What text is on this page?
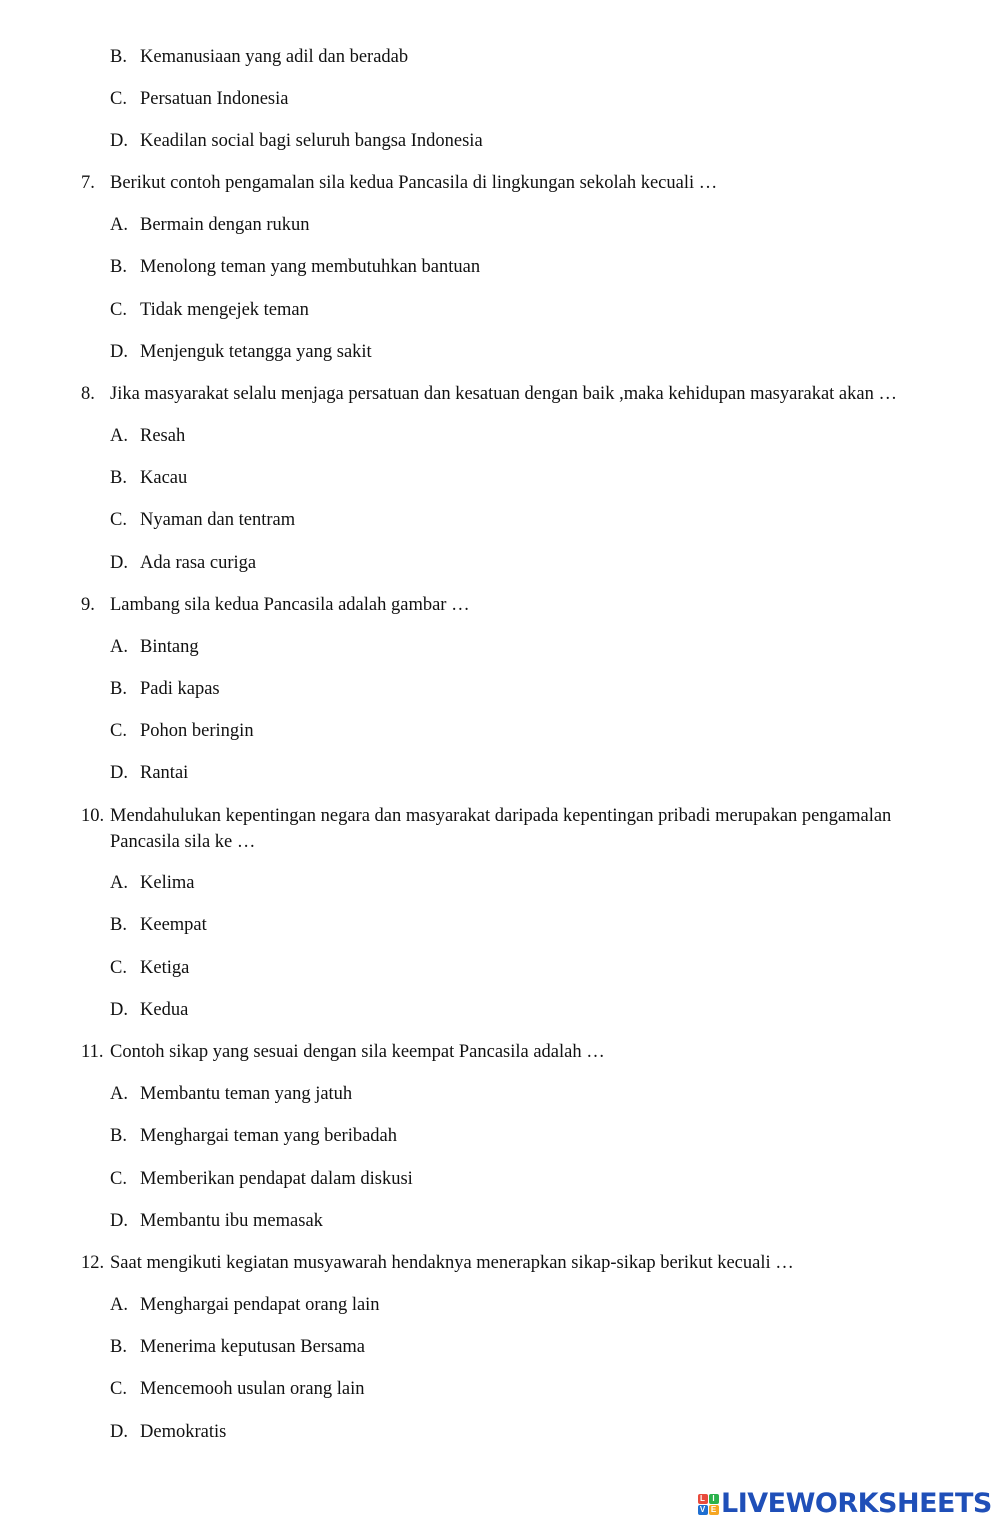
B. Kemanusiaan yang adil dan beradab
C. Persatuan Indonesia
D. Keadilan social bagi seluruh bangsa Indonesia
7. Berikut contoh pengamalan sila kedua Pancasila di lingkungan sekolah kecuali …
A. Bermain dengan rukun
B. Menolong teman yang membutuhkan bantuan
C. Tidak mengejek teman
D. Menjenguk tetangga yang sakit
8. Jika masyarakat selalu menjaga persatuan dan kesatuan dengan baik ,maka kehidupan masyarakat akan …
A. Resah
B. Kacau
C. Nyaman dan tentram
D. Ada rasa curiga
9. Lambang sila kedua Pancasila adalah gambar …
A. Bintang
B. Padi kapas
C. Pohon beringin
D. Rantai
10. Mendahulukan kepentingan negara dan masyarakat daripada kepentingan pribadi merupakan pengamalan
Pancasila sila ke …
A. Kelima
B. Keempat
C. Ketiga
D. Kedua
11. Contoh sikap yang sesuai dengan sila keempat Pancasila adalah …
A. Membantu teman yang jatuh
B. Menghargai teman yang beribadah
C. Memberikan pendapat dalam diskusi
D. Membantu ibu memasak
12. Saat mengikuti kegiatan musyawarah hendaknya menerapkan sikap-sikap berikut kecuali …
A. Menghargai pendapat orang lain
B. Menerima keputusan Bersama
C. Mencemooh usulan orang lain
D. Demokratis
L I
V E LIVEWORKSHEETS
